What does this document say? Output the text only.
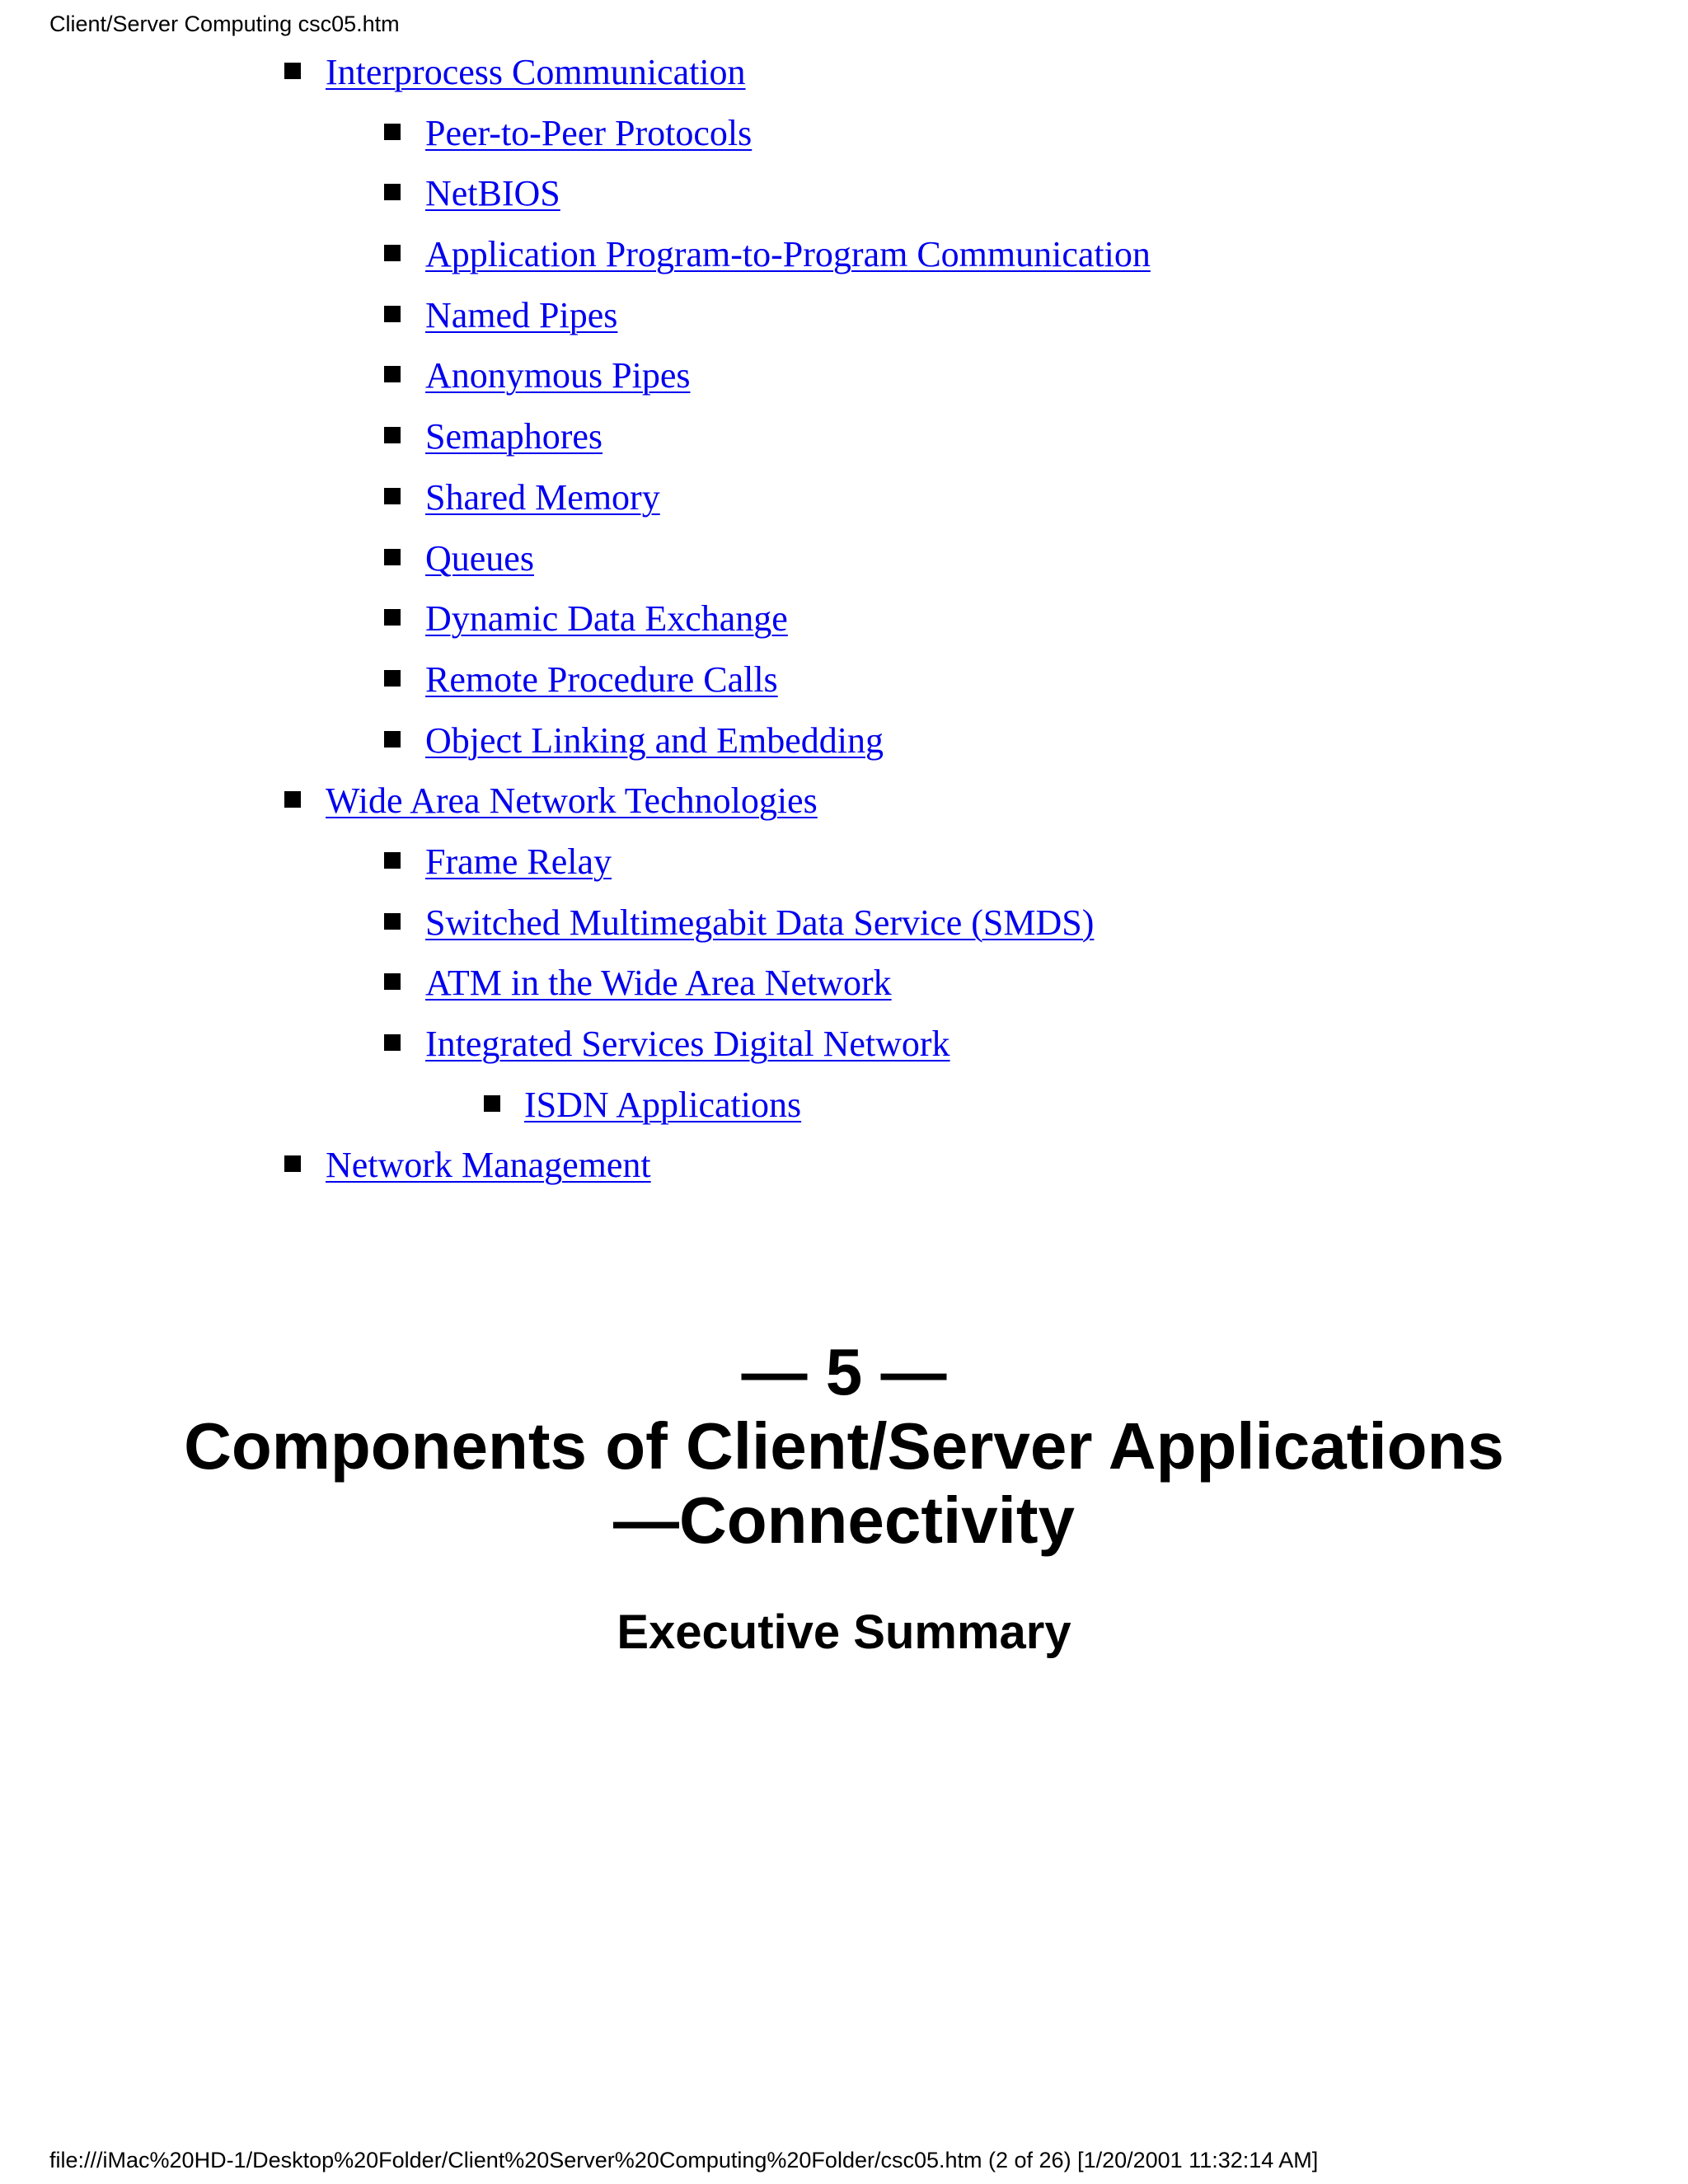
Client/Server Computing csc05.htm
Interprocess Communication
Peer-to-Peer Protocols
NetBIOS
Application Program-to-Program Communication
Named Pipes
Anonymous Pipes
Semaphores
Shared Memory
Queues
Dynamic Data Exchange
Remote Procedure Calls
Object Linking and Embedding
Wide Area Network Technologies
Frame Relay
Switched Multimegabit Data Service (SMDS)
ATM in the Wide Area Network
Integrated Services Digital Network
ISDN Applications
Network Management
— 5 —
Components of Client/Server Applications
—Connectivity
Executive Summary
file:///iMac%20HD-1/Desktop%20Folder/Client%20Server%20Computing%20Folder/csc05.htm (2 of 26) [1/20/2001 11:32:14 AM]
